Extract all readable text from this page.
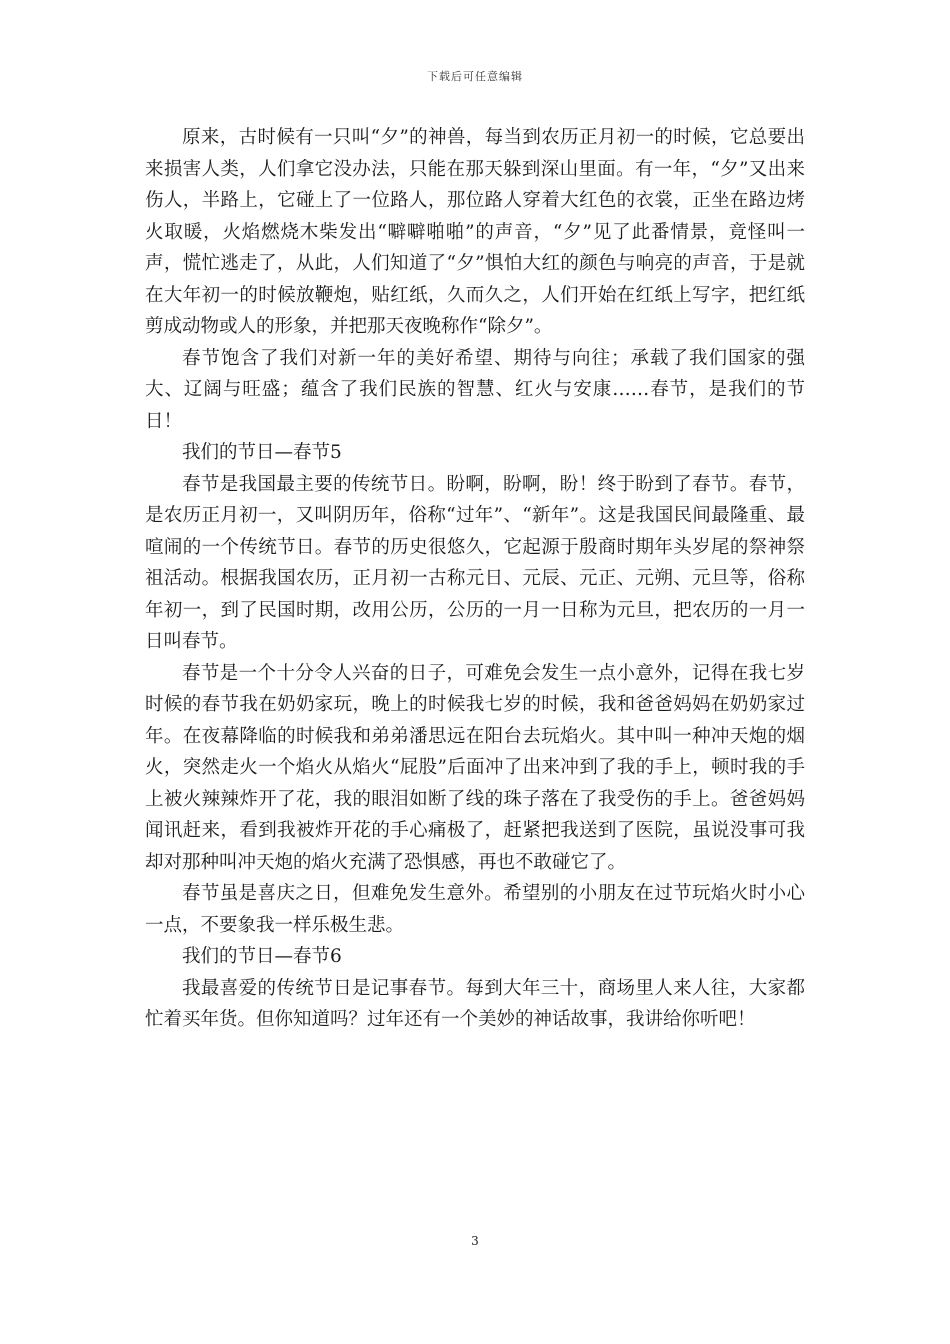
下载后可任意编辑

原来，古时候有一只叫“夕”的神兽，每当到农历正月初一的时候，它总要出来损害人类，人们拿它没办法，只能在那天躲到深山里面。有一年，“夕”又出来伤人，半路上，它碰上了一位路人，那位路人穿着大红色的衣裳，正坐在路边烤火取暖，火焰燃烧木柴发出“噼噼啪啪”的声音，“夕”见了此番情景，竟怪叫一声，慌忙逃走了，从此，人们知道了“夕”惧怕大红的颜色与响亮的声音，于是就在大年初一的时候放鞭炮，贴红纸，久而久之，人们开始在红纸上写字，把红纸剪成动物或人的形象，并把那天夜晚称作“除夕”。

春节饱含了我们对新一年的美好希望、期待与向往；承载了我们国家的强大、辽阔与旺盛；蕴含了我们民族的智慧、红火与安康……春节，是我们的节日！

我们的节日—春节5

春节是我国最主要的传统节日。盼啊，盼啊，盼！终于盼到了春节。春节，是农历正月初一，又叫阴历年，俗称“过年”、“新年”。这是我国民间最隆重、最喧闹的一个传统节日。春节的历史很悠久，它起源于殷商时期年头岁尾的祭神祭祖活动。根据我国农历，正月初一古称元日、元辰、元正、元朔、元旦等，俗称年初一，到了民国时期，改用公历，公历的一月一日称为元旦，把农历的一月一日叫春节。

春节是一个十分令人兴奋的日子，可难免会发生一点小意外，记得在我七岁时候的春节我在奶奶家玩，晚上的时候我七岁的时候，我和爸爸妈妈在奶奶家过年。在夜幕降临的时候我和弟弟潘思远在阳台去玩焰火。其中叫一种冲天炮的烟火，突然走火一个焰火从焰火“屁股”后面冲了出来冲到了我的手上，顿时我的手上被火辣辣炸开了花，我的眼泪如断了线的珠子落在了我受伤的手上。爸爸妈妈闻讯赶来，看到我被炸开花的手心痛极了，赶紧把我送到了医院，虽说没事可我却对那种叫冲天炮的焰火充满了恐惧感，再也不敢碰它了。

春节虽是喜庆之日，但难免发生意外。希望别的小朋友在过节玩焰火时小心一点，不要象我一样乐极生悲。

我们的节日—春节6

我最喜爱的传统节日是记事春节。每到大年三十，商场里人来人往，大家都忙着买年货。但你知道吗？过年还有一个美妙的神话故事，我讲给你听吧！

3
